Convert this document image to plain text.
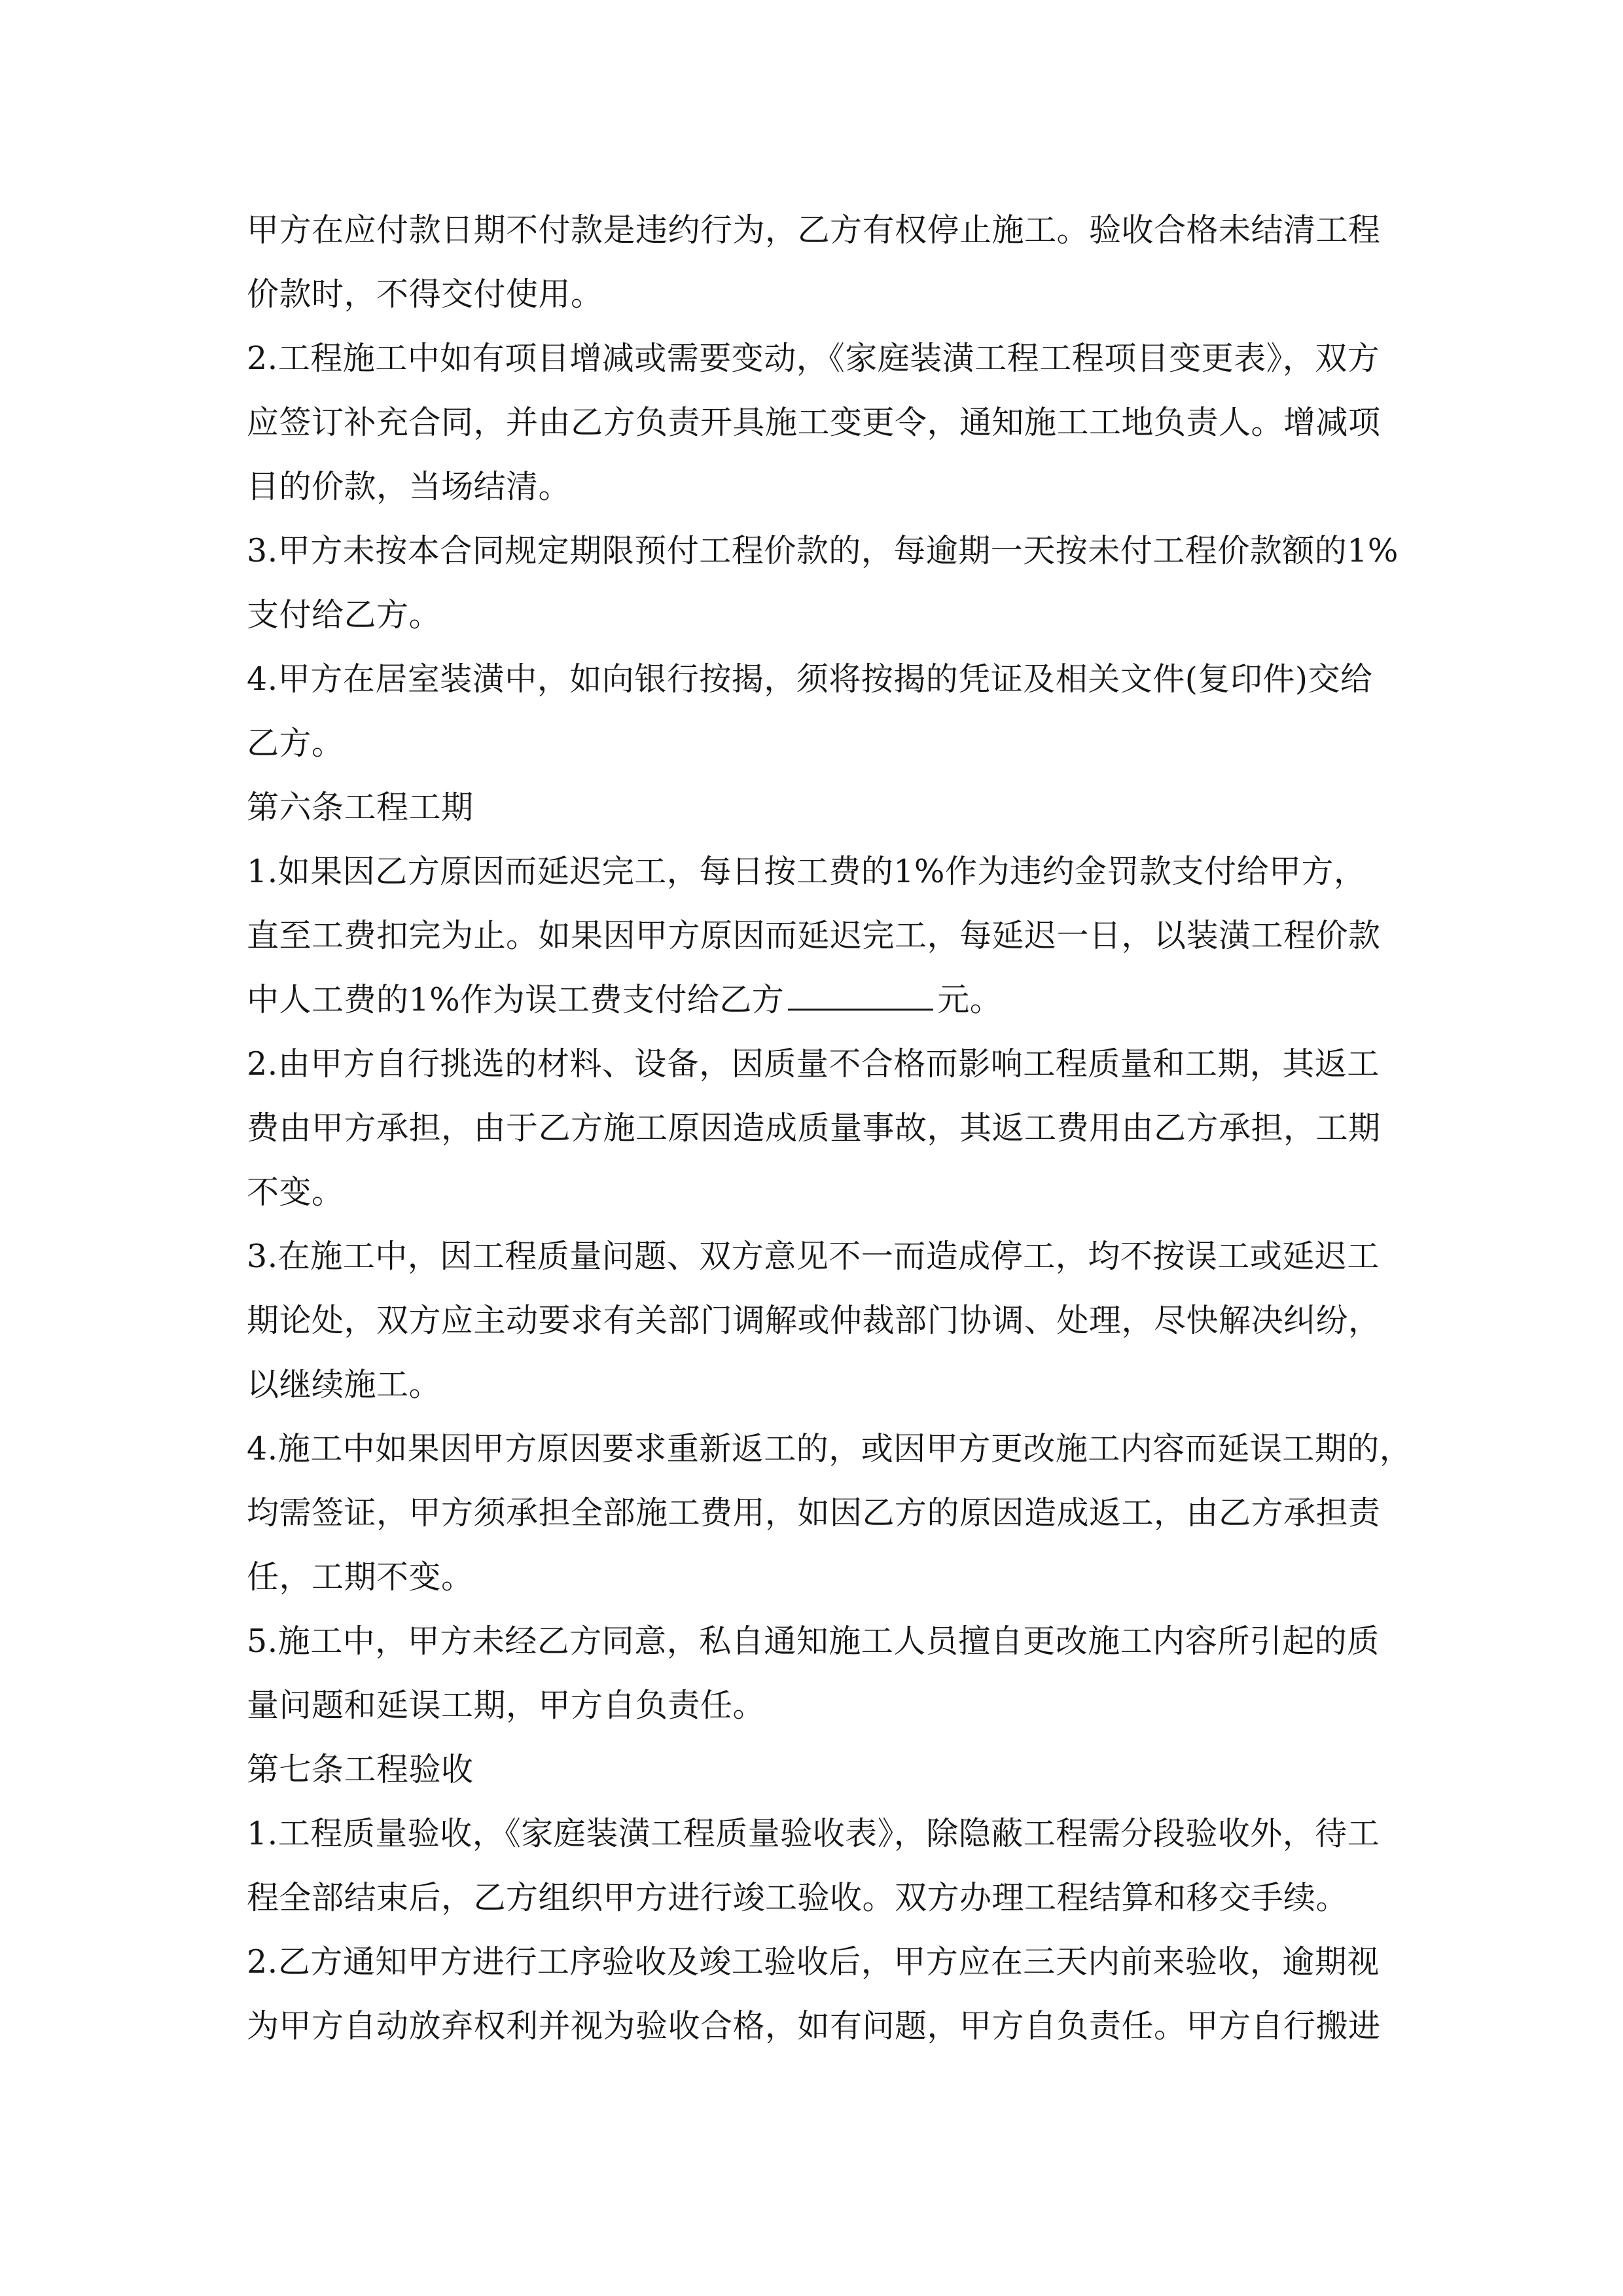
甲方在应付款日期不付款是违约行为，乙方有权停止施工。验收合格未结清工程
价款时，不得交付使用。
2.工程施工中如有项目增减或需要变动，《家庭装潢工程工程项目变更表》，双方
应签订补充合同，并由乙方负责开具施工变更令，通知施工工地负责人。增减项
目的价款，当场结清。
3.甲方未按本合同规定期限预付工程价款的，每逾期一天按未付工程价款额的1%
支付给乙方。
4.甲方在居室装潢中，如向银行按揭，须将按揭的凭证及相关文件(复印件)交给
乙方。
第六条工程工期
1.如果因乙方原因而延迟完工，每日按工费的1%作为违约金罚款支付给甲方，
直至工费扣完为止。如果因甲方原因而延迟完工，每延迟一日，以装潢工程价款
中人工费的1%作为误工费支付给乙方	元。
2.由甲方自行挑选的材料、设备，因质量不合格而影响工程质量和工期，其返工
费由甲方承担，由于乙方施工原因造成质量事故，其返工费用由乙方承担，工期
不变。
3.在施工中，因工程质量问题、双方意见不一而造成停工，均不按误工或延迟工
期论处，双方应主动要求有关部门调解或仲裁部门协调、处理，尽快解决纠纷，
以继续施工。
4.施工中如果因甲方原因要求重新返工的，或因甲方更改施工内容而延误工期的，
均需签证，甲方须承担全部施工费用，如因乙方的原因造成返工，由乙方承担责
任，工期不变。
5.施工中，甲方未经乙方同意，私自通知施工人员擅自更改施工内容所引起的质
量问题和延误工期，甲方自负责任。
第七条工程验收
1.工程质量验收，《家庭装潢工程质量验收表》，除隐蔽工程需分段验收外，待工
程全部结束后，乙方组织甲方进行竣工验收。双方办理工程结算和移交手续。
2.乙方通知甲方进行工序验收及竣工验收后，甲方应在三天内前来验收，逾期视
为甲方自动放弃权利并视为验收合格，如有问题，甲方自负责任。甲方自行搬进
